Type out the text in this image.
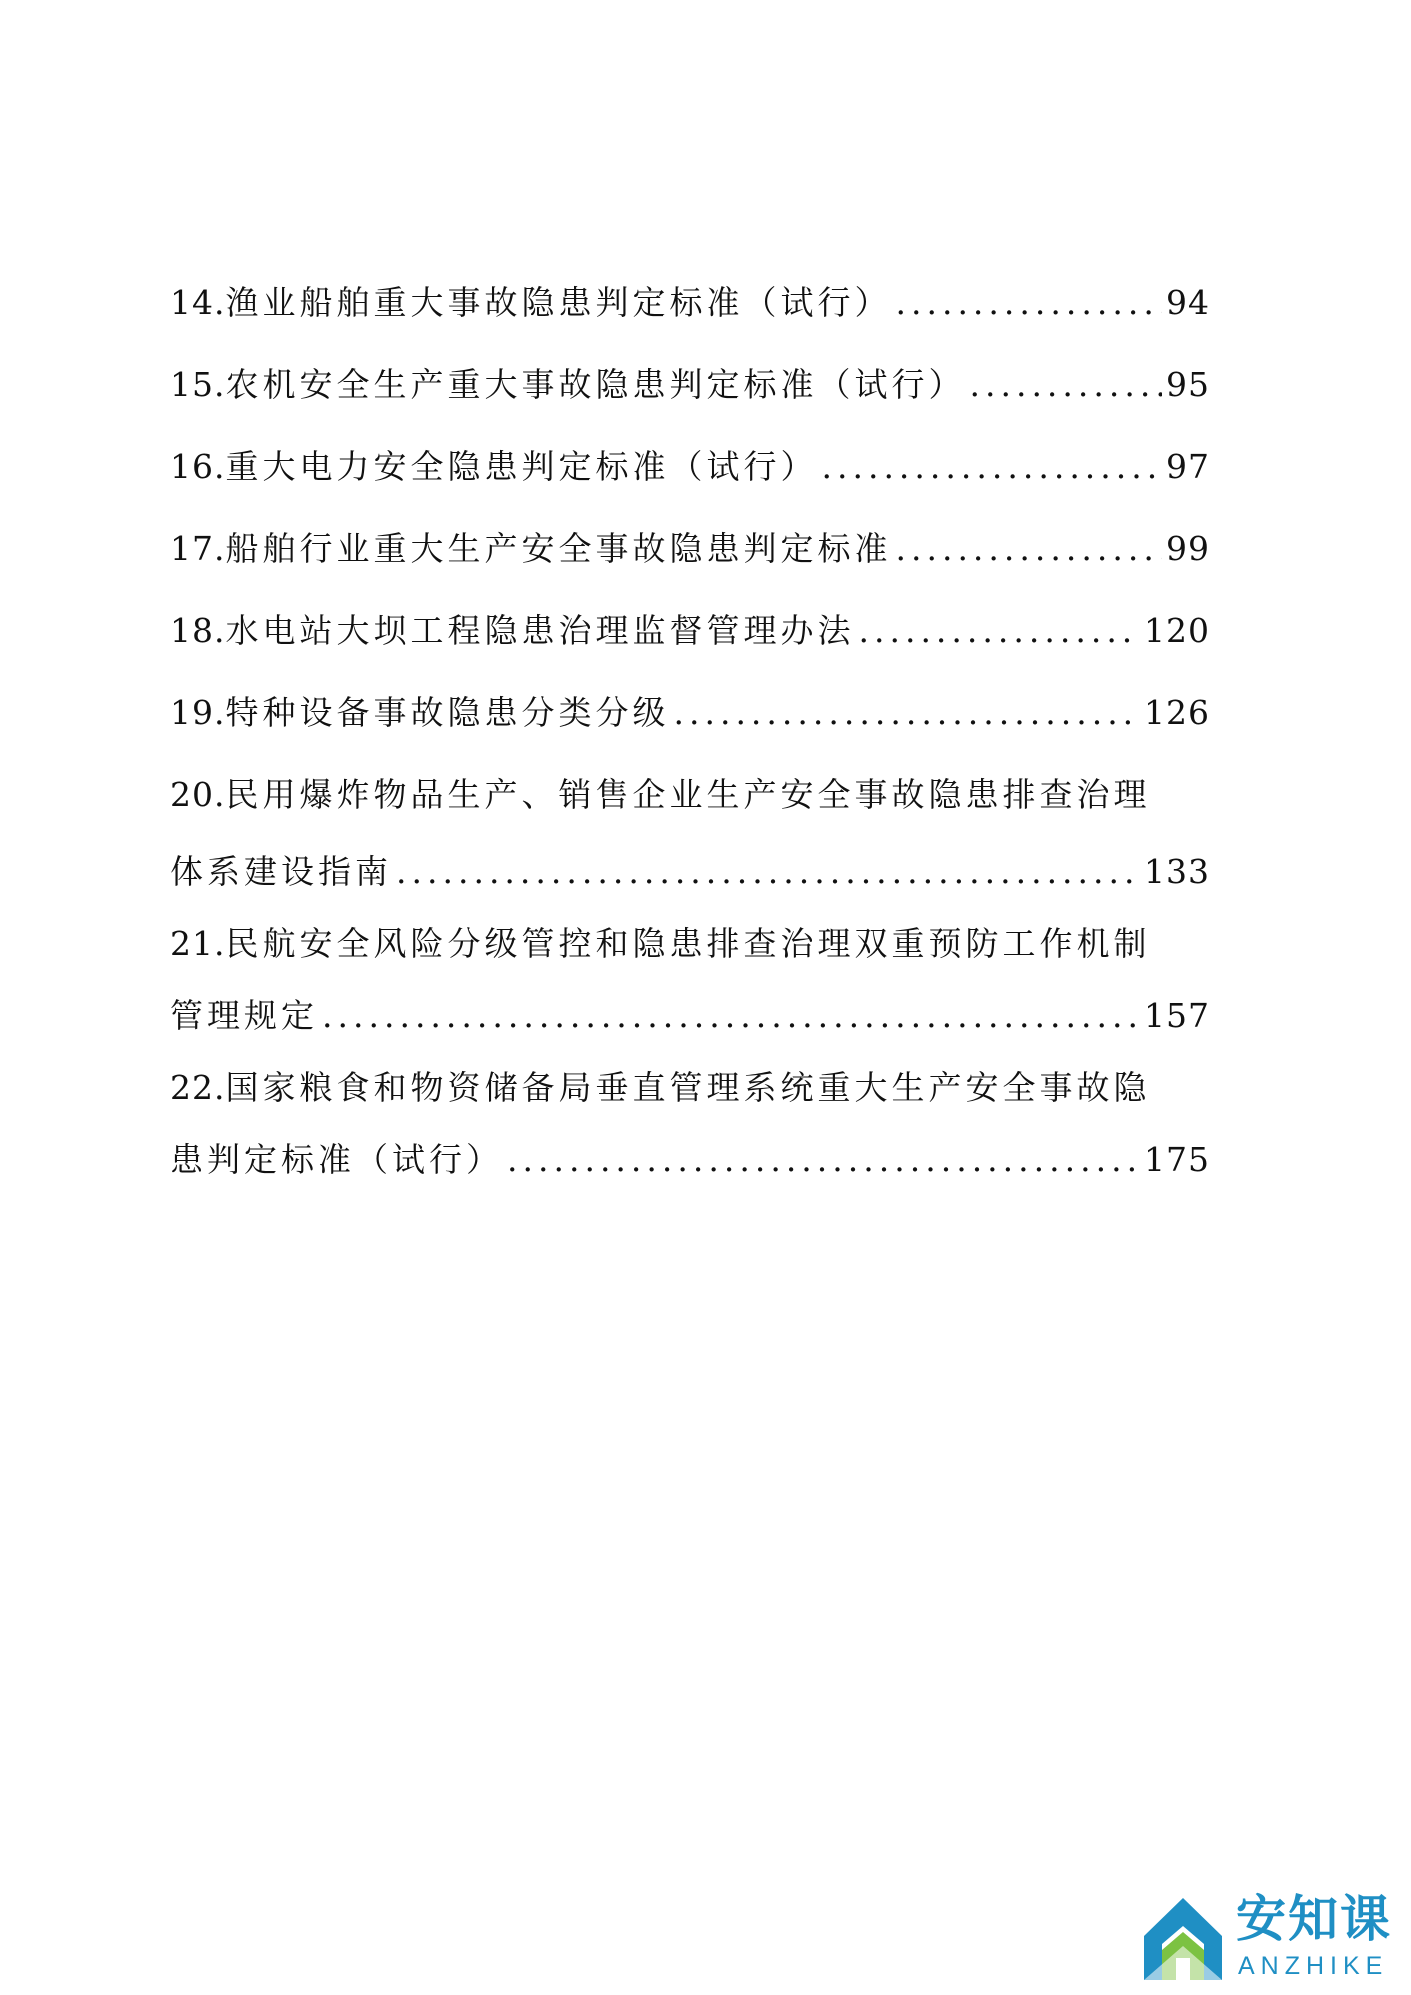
14. 渔业船舶重大事故隐患判定标准（试行） .....	94
15. 农机安全生产重大事故隐患判定标准（试行） .....	95
16. 重大电力安全隐患判定标准（试行） .....	97
17. 船舶行业重大生产安全事故隐患判定标准 .....	99
18. 水电站大坝工程隐患治理监督管理办法 .....	120
19. 特种设备事故隐患分类分级 .....	126
20. 民用爆炸物品生产、销售企业生产安全事故隐患排查治理
体系建设指南 .....	133
21. 民航安全风险分级管控和隐患排查治理双重预防工作机制
管理规定 .....	157
22. 国家粮食和物资储备局垂直管理系统重大生产安全事故隐
患判定标准（试行） .....	175
安知课
ANZHIKE
